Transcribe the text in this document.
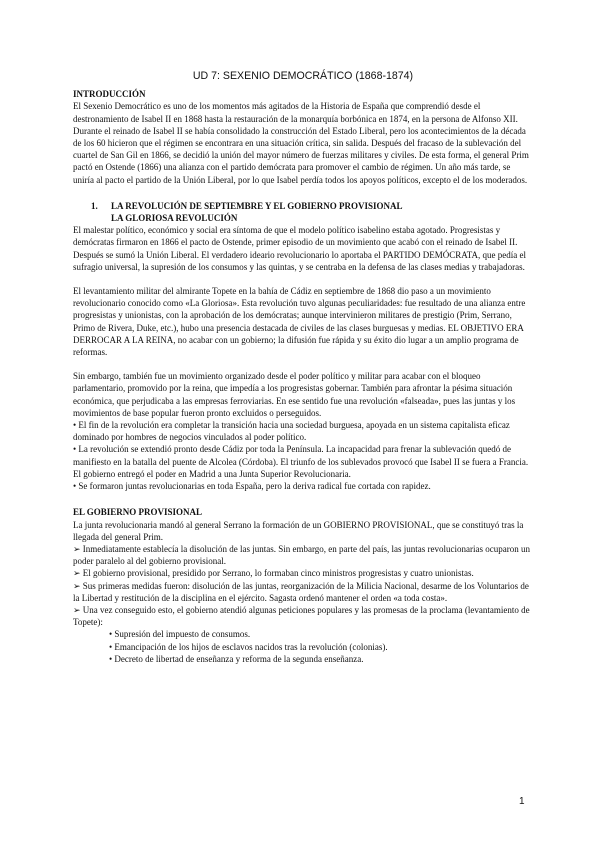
UD 7: SEXENIO DEMOCRÁTICO (1868-1874)

INTRODUCCIÓN

El Sexenio Democrático es uno de los momentos más agitados de la Historia de España que comprendió desde el destronamiento de Isabel II en 1868 hasta la restauración de la monarquía borbónica en 1874, en la persona de Alfonso XII.

Durante el reinado de Isabel II se había consolidado la construcción del Estado Liberal, pero los acontecimientos de la década de los 60 hicieron que el régimen se encontrara en una situación crítica, sin salida. Después del fracaso de la sublevación del cuartel de San Gil en 1866, se decidió la unión del mayor número de fuerzas militares y civiles. De esta forma, el general Prim pactó en Ostende (1866) una alianza con el partido demócrata para promover el cambio de régimen. Un año más tarde, se uniría al pacto el partido de la Unión Liberal, por lo que Isabel perdía todos los apoyos políticos, excepto el de los moderados.

1. LA REVOLUCIÓN DE SEPTIEMBRE Y EL GOBIERNO PROVISIONAL
LA GLORIOSA REVOLUCIÓN

El malestar político, económico y social era síntoma de que el modelo político isabelino estaba agotado. Progresistas y demócratas firmaron en 1866 el pacto de Ostende, primer episodio de un movimiento que acabó con el reinado de Isabel II. Después se sumó la Unión Liberal. El verdadero ideario revolucionario lo aportaba el PARTIDO DEMÓCRATA, que pedía el sufragio universal, la supresión de los consumos y las quintas, y se centraba en la defensa de las clases medias y trabajadoras.

El levantamiento militar del almirante Topete en la bahía de Cádiz en septiembre de 1868 dio paso a un movimiento revolucionario conocido como «La Gloriosa». Esta revolución tuvo algunas peculiaridades: fue resultado de una alianza entre progresistas y unionistas, con la aprobación de los demócratas; aunque intervinieron militares de prestigio (Prim, Serrano, Primo de Rivera, Duke, etc.), hubo una presencia destacada de civiles de las clases burguesas y medias. EL OBJETIVO ERA DERROCAR A LA REINA, no acabar con un gobierno; la difusión fue rápida y su éxito dio lugar a un amplio programa de reformas.

Sin embargo, también fue un movimiento organizado desde el poder político y militar para acabar con el bloqueo parlamentario, promovido por la reina, que impedía a los progresistas gobernar. También para afrontar la pésima situación económica, que perjudicaba a las empresas ferroviarias. En ese sentido fue una revolución «falseada», pues las juntas y los movimientos de base popular fueron pronto excluidos o perseguidos.

• El fin de la revolución era completar la transición hacia una sociedad burguesa, apoyada en un sistema capitalista eficaz dominado por hombres de negocios vinculados al poder político.

• La revolución se extendió pronto desde Cádiz por toda la Península. La incapacidad para frenar la sublevación quedó de manifiesto en la batalla del puente de Alcolea (Córdoba). El triunfo de los sublevados provocó que Isabel II se fuera a Francia. El gobierno entregó el poder en Madrid a una Junta Superior Revolucionaria.

• Se formaron juntas revolucionarias en toda España, pero la deriva radical fue cortada con rapidez.

EL GOBIERNO PROVISIONAL

La junta revolucionaria mandó al general Serrano la formación de un GOBIERNO PROVISIONAL, que se constituyó tras la llegada del general Prim.

➢ Inmediatamente establecía la disolución de las juntas. Sin embargo, en parte del país, las juntas revolucionarias ocuparon un poder paralelo al del gobierno provisional.

➢ El gobierno provisional, presidido por Serrano, lo formaban cinco ministros progresistas y cuatro unionistas.

➢ Sus primeras medidas fueron: disolución de las juntas, reorganización de la Milicia Nacional, desarme de los Voluntarios de la Libertad y restitución de la disciplina en el ejército. Sagasta ordenó mantener el orden «a toda costa».

➢ Una vez conseguido esto, el gobierno atendió algunas peticiones populares y las promesas de la proclama (levantamiento de Topete):

• Supresión del impuesto de consumos.
• Emancipación de los hijos de esclavos nacidos tras la revolución (colonias).
• Decreto de libertad de enseñanza y reforma de la segunda enseñanza.
1
